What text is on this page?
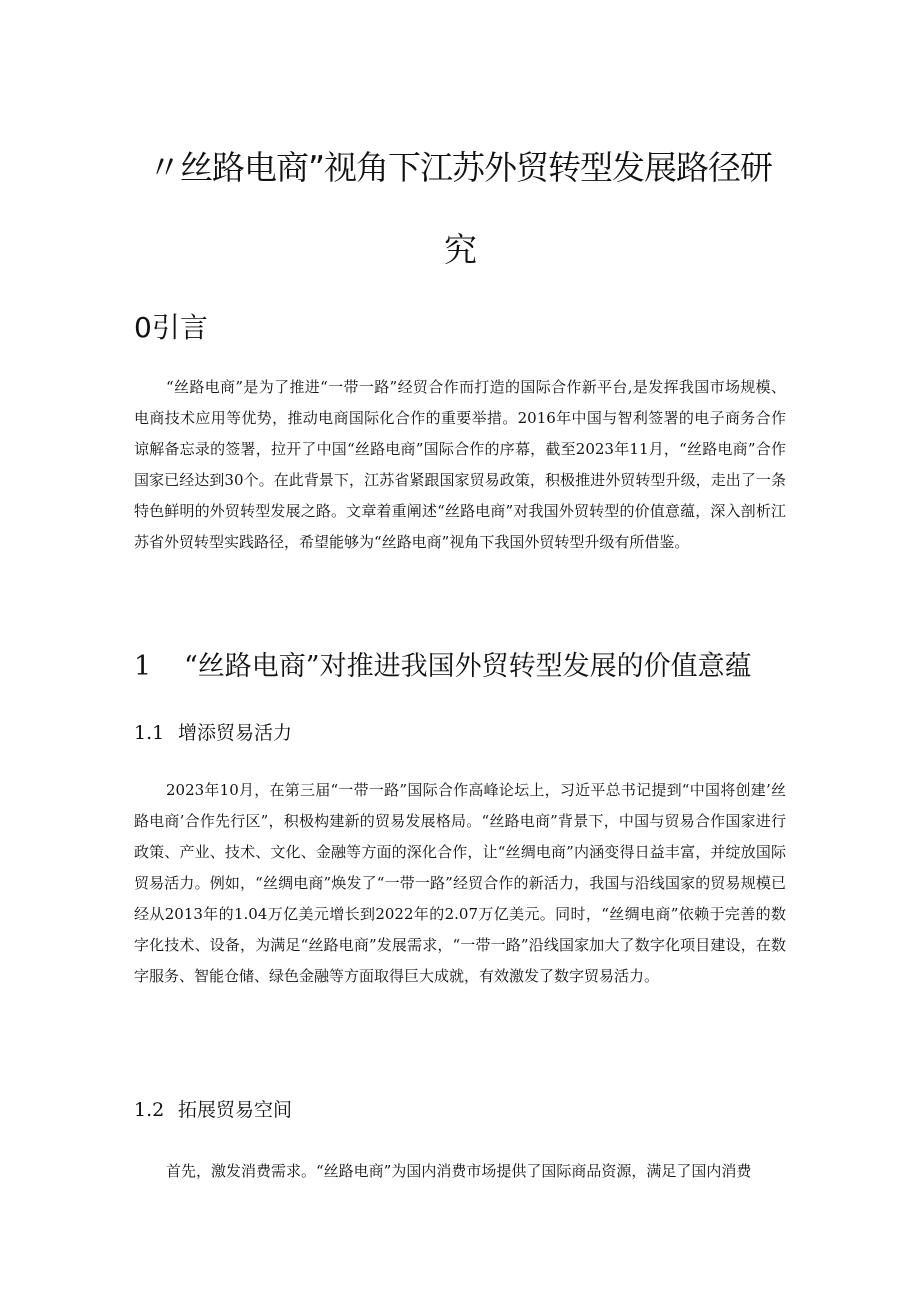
〃丝路电商”视角下江苏外贸转型发展路径研
究
0引言

“丝路电商”是为了推进“一带一路”经贸合作而打造的国际合作新平台,是发挥我国市场规模、电商技术应用等优势，推动电商国际化合作的重要举措。2016年中国与智利签署的电子商务合作谅解备忘录的签署，拉开了中国“丝路电商”国际合作的序幕，截至2023年11月，“丝路电商”合作国家已经达到30个。在此背景下，江苏省紧跟国家贸易政策，积极推进外贸转型升级，走出了一条特色鲜明的外贸转型发展之路。文章着重阐述“丝路电商”对我国外贸转型的价值意蕴，深入剖析江苏省外贸转型实践路径，希望能够为“丝路电商”视角下我国外贸转型升级有所借鉴。

1 “丝路电商”对推进我国外贸转型发展的价值意蕴
1.1 增添贸易活力

2023年10月，在第三届“一带一路”国际合作高峰论坛上，习近平总书记提到“中国将创建’丝路电商’合作先行区”，积极构建新的贸易发展格局。“丝路电商”背景下，中国与贸易合作国家进行政策、产业、技术、文化、金融等方面的深化合作，让“丝绸电商”内涵变得日益丰富，并绽放国际贸易活力。例如，“丝绸电商”焕发了“一带一路”经贸合作的新活力，我国与沿线国家的贸易规模已经从2013年的1.04万亿美元增长到2022年的2.07万亿美元。同时，“丝绸电商”依赖于完善的数字化技术、设备，为满足“丝路电商”发展需求，“一带一路”沿线国家加大了数字化项目建设，在数字服务、智能仓储、绿色金融等方面取得巨大成就，有效激发了数字贸易活力。

1.2 拓展贸易空间

首先，激发消费需求。“丝路电商”为国内消费市场提供了国际商品资源，满足了国内消费
